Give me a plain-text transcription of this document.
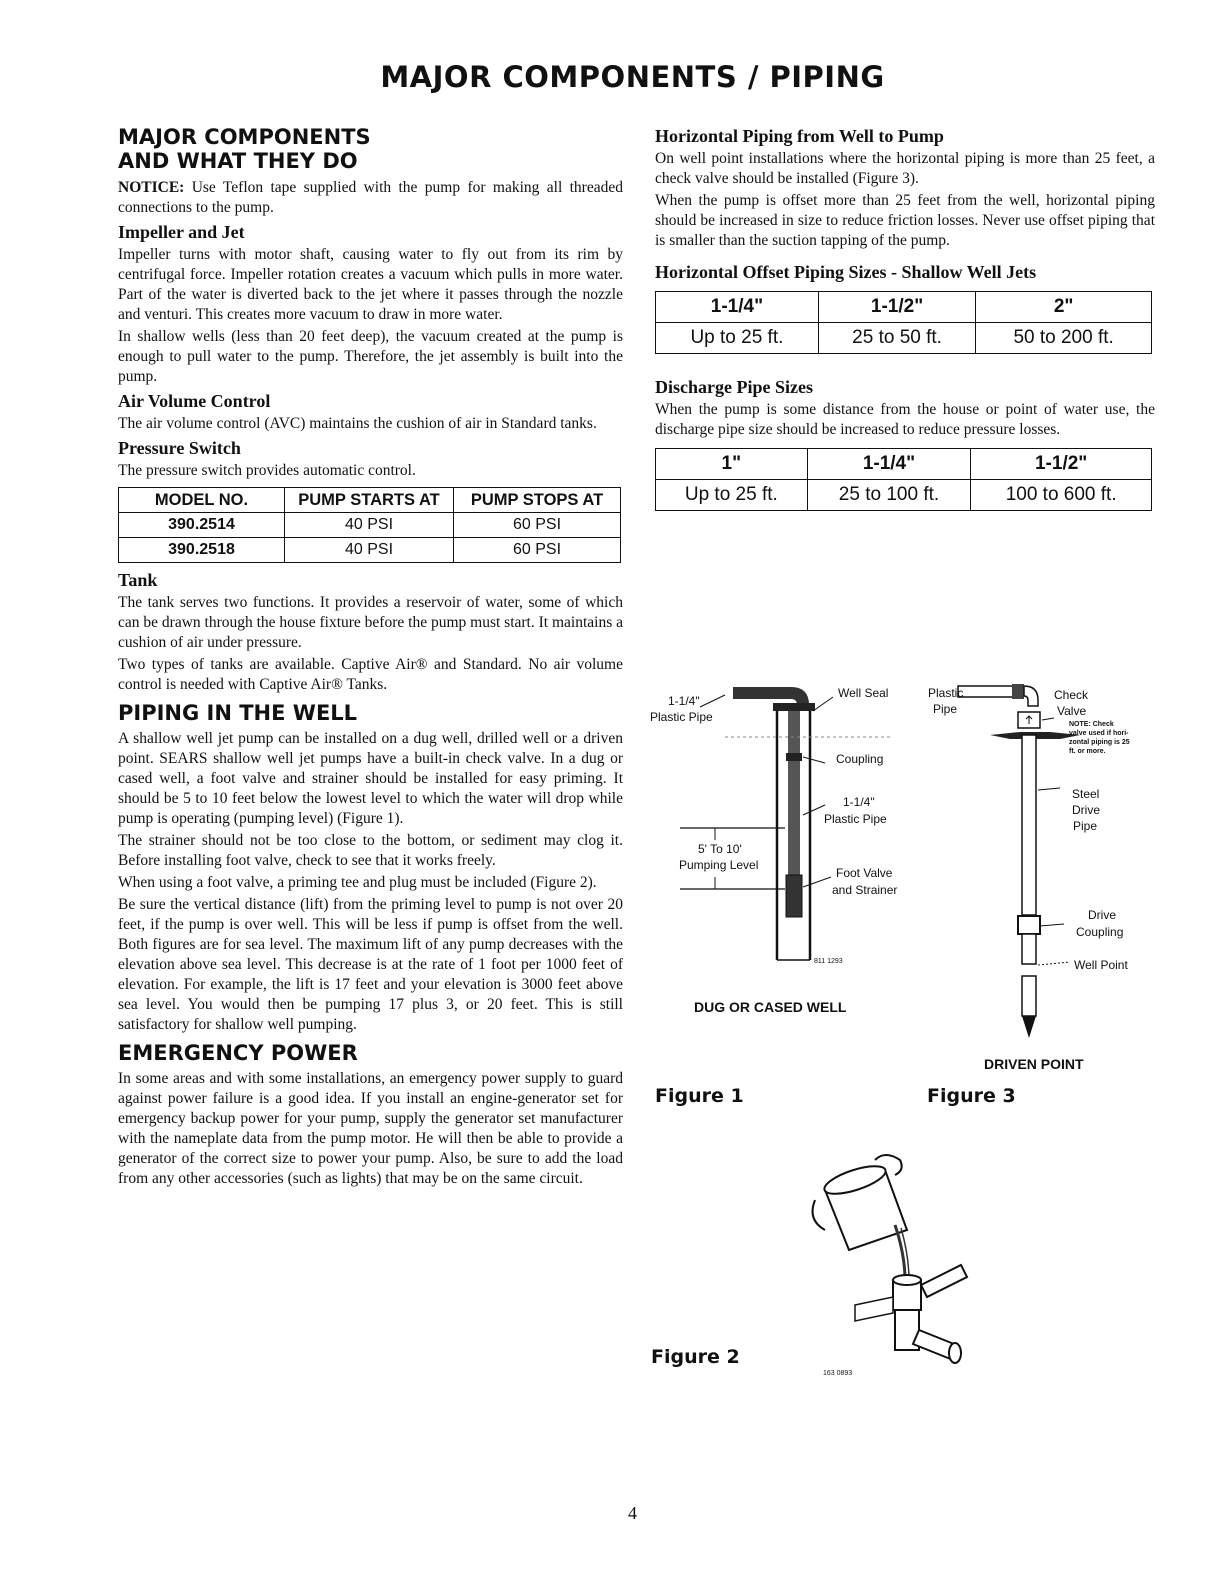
MAJOR COMPONENTS / PIPING
MAJOR COMPONENTS
AND WHAT THEY DO

NOTICE: Use Teflon tape supplied with the pump for making all threaded connections to the pump.

Impeller and Jet

Impeller turns with motor shaft, causing water to fly out from its rim by centrifugal force. Impeller rotation creates a vacuum which pulls in more water. Part of the water is diverted back to the jet where it passes through the nozzle and venturi. This creates more vacuum to draw in more water.

In shallow wells (less than 20 feet deep), the vacuum created at the pump is enough to pull water to the pump. Therefore, the jet assembly is built into the pump.

Air Volume Control

The air volume control (AVC) maintains the cushion of air in Standard tanks.

Pressure Switch

The pressure switch provides automatic control.

MODEL NO.	PUMP STARTS AT	PUMP STOPS AT
390.2514	40 PSI	60 PSI
390.2518	40 PSI	60 PSI
Tank

The tank serves two functions. It provides a reservoir of water, some of which can be drawn through the house fixture before the pump must start. It maintains a cushion of air under pressure.

Two types of tanks are available. Captive Air® and Standard. No air volume control is needed with Captive Air® Tanks.

PIPING IN THE WELL

A shallow well jet pump can be installed on a dug well, drilled well or a driven point. SEARS shallow well jet pumps have a built-in check valve. In a dug or cased well, a foot valve and strainer should be installed for easy priming. It should be 5 to 10 feet below the lowest level to which the water will drop while pump is operating (pumping level) (Figure 1).

The strainer should not be too close to the bottom, or sediment may clog it. Before installing foot valve, check to see that it works freely.

When using a foot valve, a priming tee and plug must be included (Figure 2).

Be sure the vertical distance (lift) from the priming level to pump is not over 20 feet, if the pump is over well. This will be less if pump is offset from the well. Both figures are for sea level. The maximum lift of any pump decreases with the elevation above sea level. This decrease is at the rate of 1 foot per 1000 feet of elevation. For example, the lift is 17 feet and your elevation is 3000 feet above sea level. You would then be pumping 17 plus 3, or 20 feet. This is still satisfactory for shallow well pumping.

EMERGENCY POWER

In some areas and with some installations, an emergency power supply to guard against power failure is a good idea. If you install an engine-generator set for emergency backup power for your pump, supply the generator set manufacturer with the nameplate data from the pump motor. He will then be able to provide a generator of the correct size to power your pump. Also, be sure to add the load from any other accessories (such as lights) that may be on the same circuit.

Horizontal Piping from Well to Pump

On well point installations where the horizontal piping is more than 25 feet, a check valve should be installed (Figure 3).

When the pump is offset more than 25 feet from the well, horizontal piping should be increased in size to reduce friction losses. Never use offset piping that is smaller than the suction tapping of the pump.

Horizontal Offset Piping Sizes - Shallow Well Jets
1-1/4"	1-1/2"	2"
Up to 25 ft.	25 to 50 ft.	50 to 200 ft.
Discharge Pipe Sizes

When the pump is some distance from the house or point of water use, the discharge pipe size should be increased to reduce pressure losses.

1"	1-1/4"	1-1/2"
Up to 25 ft.	25 to 100 ft.	100 to 600 ft.
1-1/4"
Plastic Pipe
Well Seal
Coupling
1-1/4"
Plastic Pipe
5' To 10'
Pumping Level
Foot Valve
and Strainer
811 1293
DUG OR CASED WELL
Figure 1
Plastic
Pipe
Check
Valve
NOTE: Check
valve used if hori-
zontal piping is 25
ft. or more.
Steel
Drive
Pipe
Drive
Coupling
Well Point
DRIVEN POINT
Figure 3
163 0893
Figure 2
4
